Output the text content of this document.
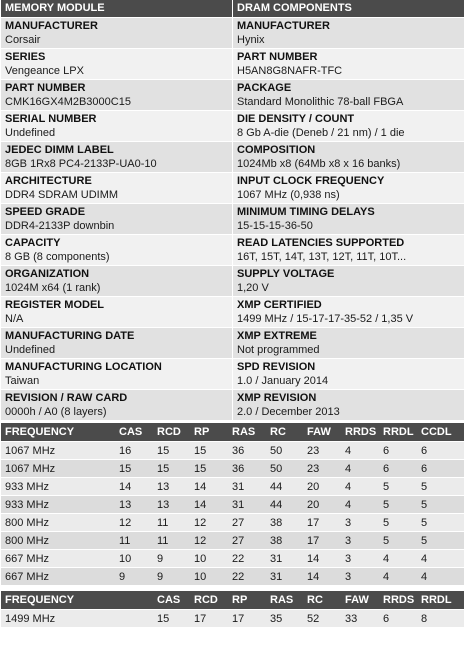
MEMORY MODULE
MANUFACTURER
Corsair
SERIES
Vengeance LPX
PART NUMBER
CMK16GX4M2B3000C15
SERIAL NUMBER
Undefined
JEDEC DIMM LABEL
8GB 1Rx8 PC4-2133P-UA0-10
ARCHITECTURE
DDR4 SDRAM UDIMM
SPEED GRADE
DDR4-2133P downbin
CAPACITY
8 GB (8 components)
ORGANIZATION
1024M x64 (1 rank)
REGISTER MODEL
N/A
MANUFACTURING DATE
Undefined
MANUFACTURING LOCATION
Taiwan
REVISION / RAW CARD
0000h / A0 (8 layers)
DRAM COMPONENTS
MANUFACTURER
Hynix
PART NUMBER
H5AN8G8NAFR-TFC
PACKAGE
Standard Monolithic 78-ball FBGA
DIE DENSITY / COUNT
8 Gb A-die (Deneb / 21 nm) / 1 die
COMPOSITION
1024Mb x8 (64Mb x8 x 16 banks)
INPUT CLOCK FREQUENCY
1067 MHz (0,938 ns)
MINIMUM TIMING DELAYS
15-15-15-36-50
READ LATENCIES SUPPORTED
16T, 15T, 14T, 13T, 12T, 11T, 10T...
SUPPLY VOLTAGE
1,20 V
XMP CERTIFIED
1499 MHz / 15-17-17-35-52 / 1,35 V
XMP EXTREME
Not programmed
SPD REVISION
1.0 / January 2014
XMP REVISION
2.0 / December 2013
FREQUENCY	CAS	RCD	RP	RAS	RC	FAW	RRDS	RRDL	CCDL
1067 MHz	16	15	15	36	50	23	4	6	6
1067 MHz	15	15	15	36	50	23	4	6	6
933 MHz	14	13	14	31	44	20	4	5	5
933 MHz	13	13	14	31	44	20	4	5	5
800 MHz	12	11	12	27	38	17	3	5	5
800 MHz	11	11	12	27	38	17	3	5	5
667 MHz	10	9	10	22	31	14	3	4	4
667 MHz	9	9	10	22	31	14	3	4	4
FREQUENCY	CAS	RCD	RP	RAS	RC	FAW	RRDS	RRDL
1499 MHz	15	17	17	35	52	33	6	8
